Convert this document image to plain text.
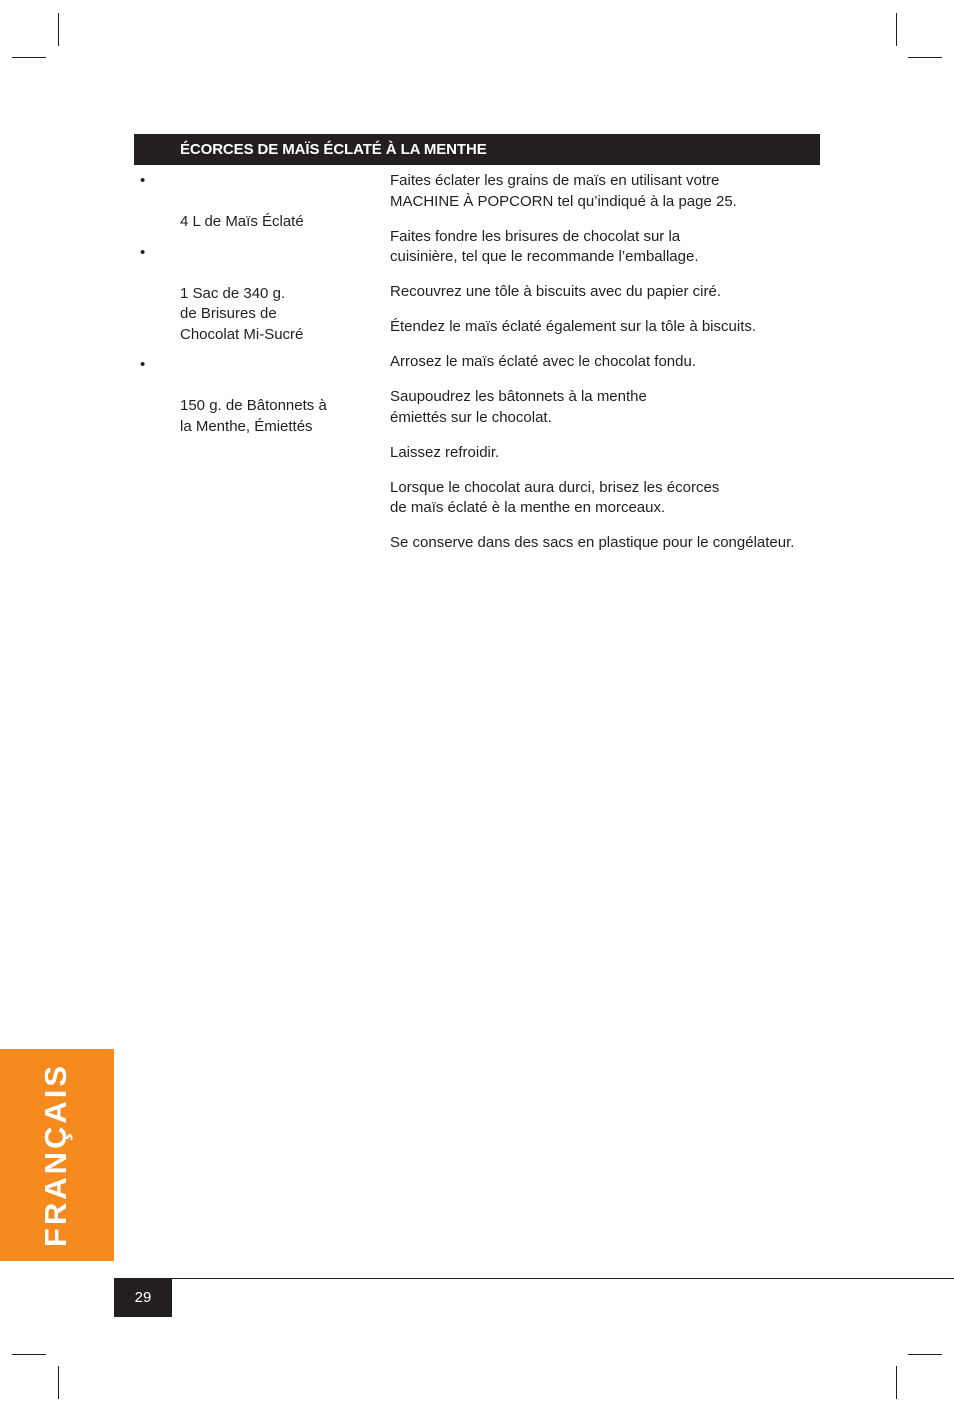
ÉCORCES DE MAÏS ÉCLATÉ À LA MENTHE

•

4 L de Maïs Éclaté

•

1 Sac de 340 g.
de Brisures de
Chocolat Mi-Sucré

•

150 g. de Bâtonnets à
la Menthe, Émiettés

Faites éclater les grains de maïs en utilisant votre
MACHINE À POPCORN tel qu’indiqué à la page 25.

Faites fondre les brisures de chocolat sur la
cuisinière, tel que le recommande l’emballage.

Recouvrez une tôle à biscuits avec du papier ciré.

Étendez le maïs éclaté également sur la tôle à biscuits.

Arrosez le maïs éclaté avec le chocolat fondu.

Saupoudrez les bâtonnets à la menthe
émiettés sur le chocolat.

Laissez refroidir.

Lorsque le chocolat aura durci, brisez les écorces
de maïs éclaté è la menthe en morceaux.

Se conserve dans des sacs en plastique pour le congélateur.

FRANÇAIS
29
